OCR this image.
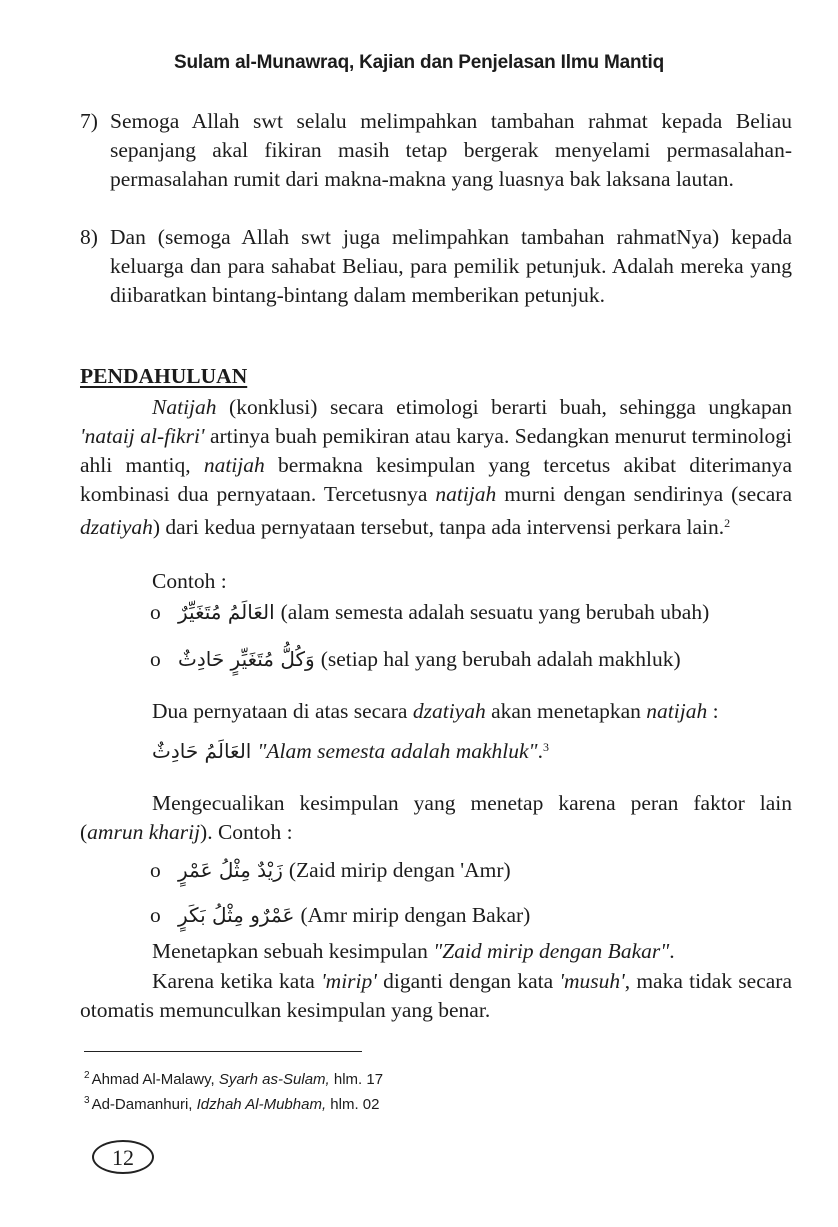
Sulam al-Munawraq, Kajian dan Penjelasan Ilmu Mantiq
7) Semoga Allah swt selalu melimpahkan tambahan rahmat kepada Beliau sepanjang akal fikiran masih tetap bergerak menyelami permasalahan-permasalahan rumit dari makna-makna yang luasnya bak laksana lautan.
8) Dan (semoga Allah swt juga melimpahkan tambahan rahmatNya) kepada keluarga dan para sahabat Beliau, para pemilik petunjuk. Adalah mereka yang diibaratkan bintang-bintang dalam memberikan petunjuk.
PENDAHULUAN
Natijah (konklusi) secara etimologi berarti buah, sehingga ungkapan 'nataij al-fikri' artinya buah pemikiran atau karya. Sedangkan menurut terminologi ahli mantiq, natijah bermakna kesimpulan yang tercetus akibat diterimanya kombinasi dua pernyataan. Tercetusnya natijah murni dengan sendirinya (secara dzatiyah) dari kedua pernyataan tersebut, tanpa ada intervensi perkara lain.$^2$
Contoh :
o العَالَمُ مُتَغَيِّرٌ (alam semesta adalah sesuatu yang berubah ubah)
o وَكُلُّ مُتَغَيِّرٍ حَادِثٌ (setiap hal yang berubah adalah makhluk)
Dua pernyataan di atas secara dzatiyah akan menetapkan natijah :
العَالَمُ حَادِثٌ "Alam semesta adalah makhluk".$^3$
Mengecualikan kesimpulan yang menetap karena peran faktor lain (amrun kharij). Contoh :
o زَيْدٌ مِثْلُ عَمْرٍ (Zaid mirip dengan 'Amr)
o عَمْرٌو مِثْلُ بَكَرٍ (Amr mirip dengan Bakar)
Menetapkan sebuah kesimpulan "Zaid mirip dengan Bakar".
Karena ketika kata 'mirip' diganti dengan kata 'musuh', maka tidak secara otomatis memunculkan kesimpulan yang benar.
$^2$ Ahmad Al-Malawy, Syarh as-Sulam, hlm. 17
$^3$ Ad-Damanhuri, Idzhah Al-Mubham, hlm. 02
12
